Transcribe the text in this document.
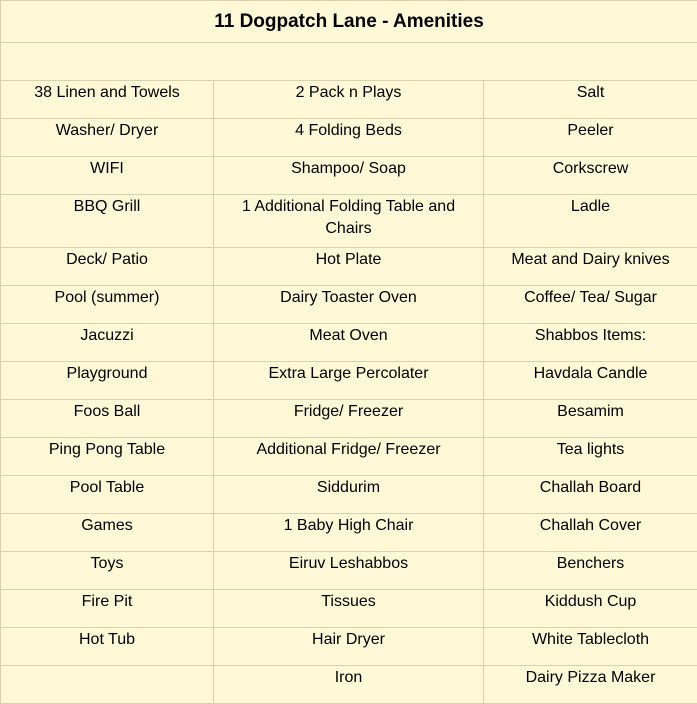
11 Dogpatch Lane - Amenities		

38 Linen and Towels	2 Pack n Plays	Salt
Washer/ Dryer	4 Folding Beds	Peeler
WIFI	Shampoo/ Soap	Corkscrew
BBQ Grill	1 Additional Folding Table and Chairs	Ladle
Deck/ Patio	Hot Plate	Meat and Dairy knives
Pool (summer)	Dairy Toaster Oven	Coffee/ Tea/ Sugar
Jacuzzi	Meat Oven	Shabbos Items:
Playground	Extra Large Percolater	Havdala Candle
Foos Ball	Fridge/ Freezer	Besamim
Ping Pong Table	Additional Fridge/ Freezer	Tea lights
Pool Table	Siddurim	Challah Board
Games	1 Baby High Chair	Challah Cover
Toys	Eiruv Leshabbos	Benchers
Fire Pit	Tissues	Kiddush Cup
Hot Tub	Hair Dryer	White Tablecloth
	Iron	Dairy Pizza Maker
